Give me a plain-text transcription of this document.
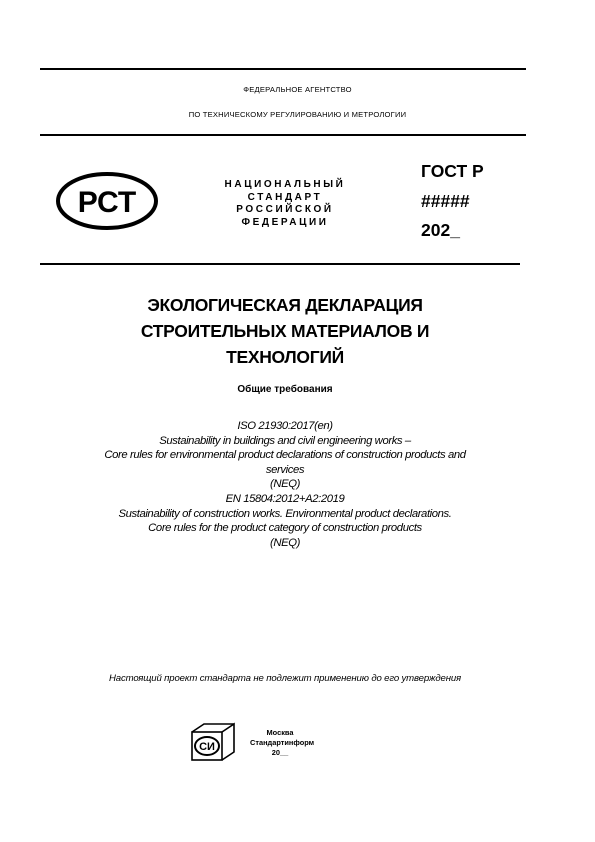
ФЕДЕРАЛЬНОЕ АГЕНТСТВО
ПО ТЕХНИЧЕСКОМУ РЕГУЛИРОВАНИЮ И МЕТРОЛОГИИ
РСТ
НАЦИОНАЛЬНЫЙ
СТАНДАРТ
РОССИЙСКОЙ
ФЕДЕРАЦИИ
ГОСТ Р
#####
202_
ЭКОЛОГИЧЕСКАЯ ДЕКЛАРАЦИЯ
СТРОИТЕЛЬНЫХ МАТЕРИАЛОВ И
ТЕХНОЛОГИЙ
Общие требования
ISO 21930:2017(en)
Sustainability in buildings and civil engineering works –
Core rules for environmental product declarations of construction products and
services
(NEQ)
EN 15804:2012+A2:2019
Sustainability of construction works. Environmental product declarations.
Core rules for the product category of construction products
(NEQ)
Настоящий проект стандарта не подлежит применению до его утверждения
СИ
Москва
Стандартинформ
20__
